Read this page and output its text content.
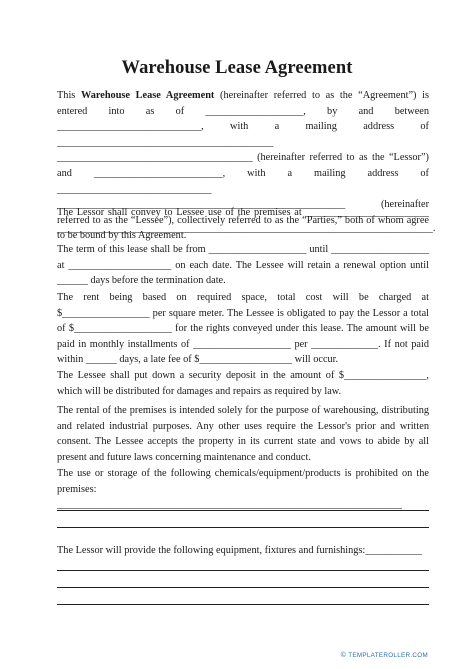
Warehouse Lease Agreement

This Warehouse Lease Agreement (hereinafter referred to as the “Agreement”) is entered into as of ___________________, by and between ____________________________, with a mailing address of __________________________________________ ______________________________________ (hereinafter referred to as the “Lessor”) and _________________________, with a mailing address of ______________________________ ________________________________________________________ (hereinafter referred to as the “Lessee”), collectively referred to as the “Parties,” both of whom agree to be bound by this Agreement.

The Lessor shall convey to Lessee use of the premises at ________________________ _________________________________________________________________________.

The term of this lease shall be from ___________________ until ___________________ at ____________________ on each date. The Lessee will retain a renewal option until ______ days before the termination date.

The rent being based on required space, total cost will be charged at $_________________ per square meter. The Lessee is obligated to pay the Lessor a total of $___________________ for the rights conveyed under this lease. The amount will be paid in monthly installments of ___________________ per _____________. If not paid within ______ days, a late fee of $__________________ will occur.

The Lessee shall put down a security deposit in the amount of $________________, which will be distributed for damages and repairs as required by law.

The rental of the premises is intended solely for the purpose of warehousing, distributing and related industrial purposes. Any other uses require the Lessor's prior and written consent. The Lessee accepts the property in its current state and vows to abide by all present and future laws concerning maintenance and conduct.

The use or storage of the following chemicals/equipment/products is prohibited on the premises: ___________________________________________________________________

The Lessor will provide the following equipment, fixtures and furnishings:___________

© TEMPLATEROLLER.COM
